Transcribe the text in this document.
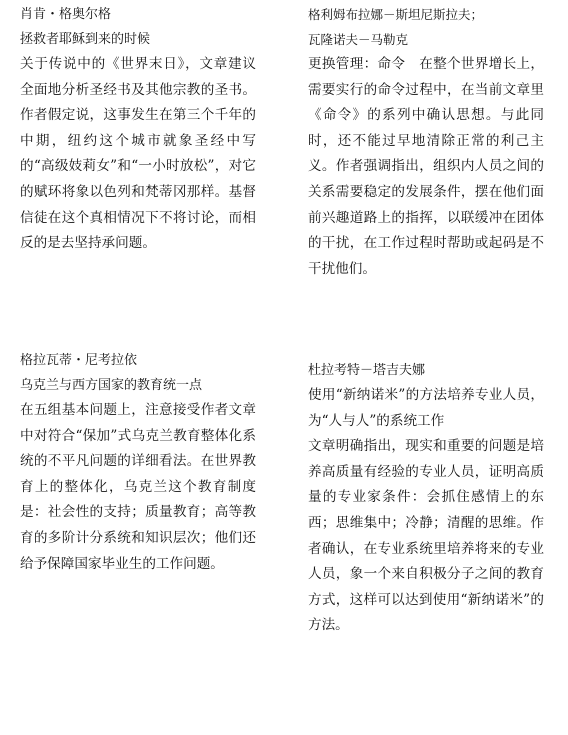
肖肯・格奥尔格

拯救者耶稣到来的时候

关于传说中的《世界末日》，文章建议全面地分析圣经书及其他宗教的圣书。作者假定说，这事发生在第三个千年的中期，纽约这个城市就象圣经中写的“高级妓莉女”和“一小时放松”，对它的赋环将象以色列和梵蒂冈那样。基督信徒在这个真相情况下不将讨论，而相反的是去坚持承问题。

格利姆布拉娜－斯坦尼斯拉夫；

瓦隆诺夫－马勒克

更换管理：命令　在整个世界增长上，需要实行的命令过程中，在当前文章里《命令》的系列中确认思想。与此同时，还不能过早地清除正常的利己主义。作者强调指出，组织内人员之间的关系需要稳定的发展条件，摆在他们面前兴趣道路上的指挥，以联缓冲在团体的干扰，在工作过程时帮助或起码是不干扰他们。

格拉瓦蒂・尼考拉依

乌克兰与西方国家的教育统一点

在五组基本问题上，注意接受作者文章中对符合“保加”式乌克兰教育整体化系统的不平凡问题的详细看法。在世界教育上的整体化，乌克兰这个教育制度是：社会性的支持；质量教育；高等教育的多阶计分系统和知识层次；他们还给予保障国家毕业生的工作问题。

杜拉考特－塔吉夫娜

使用“新纳诺米”的方法培养专业人员，为“人与人”的系统工作

文章明确指出，现实和重要的问题是培养高质量有经验的专业人员，证明高质量的专业家条件：会抓住感情上的东西；思维集中；冷静；清醒的思维。作者确认，在专业系统里培养将来的专业人员，象一个来自积极分子之间的教育方式，这样可以达到使用“新纳诺米”的方法。
